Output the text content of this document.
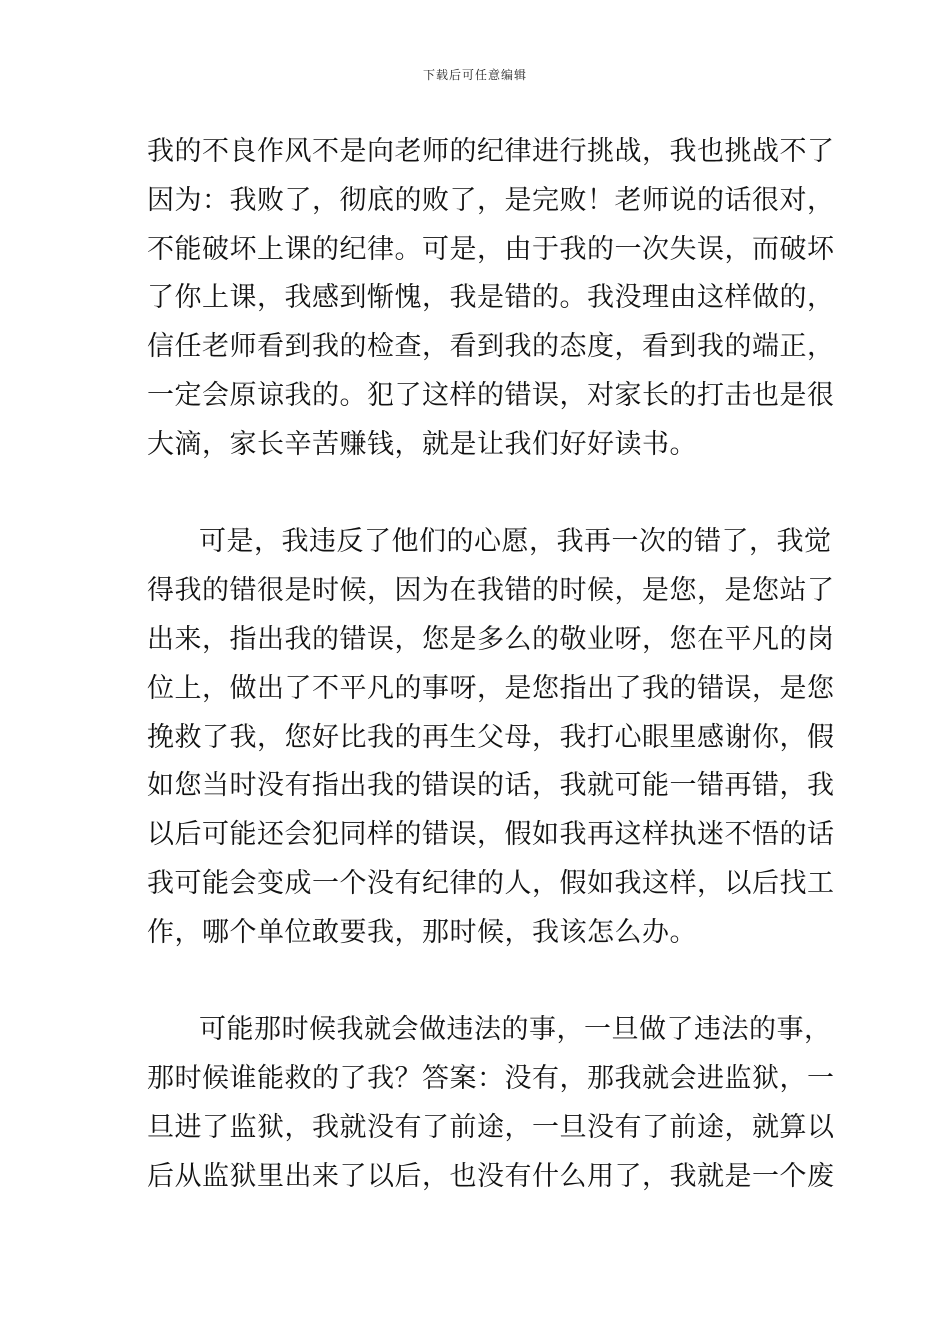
下载后可任意编辑
我的不良作风不是向老师的纪律进行挑战，我也挑战不了
因为：我败了，彻底的败了，是完败！老师说的话很对，
不能破坏上课的纪律。可是，由于我的一次失误，而破坏
了你上课，我感到惭愧，我是错的。我没理由这样做的，
信任老师看到我的检查，看到我的态度，看到我的端正，
一定会原谅我的。犯了这样的错误，对家长的打击也是很
大滴，家长辛苦赚钱，就是让我们好好读书。
可是，我违反了他们的心愿，我再一次的错了，我觉
得我的错很是时候，因为在我错的时候，是您，是您站了
出来，指出我的错误，您是多么的敬业呀，您在平凡的岗
位上，做出了不平凡的事呀，是您指出了我的错误，是您
挽救了我，您好比我的再生父母，我打心眼里感谢你，假
如您当时没有指出我的错误的话，我就可能一错再错，我
以后可能还会犯同样的错误，假如我再这样执迷不悟的话
我可能会变成一个没有纪律的人，假如我这样，以后找工
作，哪个单位敢要我，那时候，我该怎么办。
可能那时候我就会做违法的事，一旦做了违法的事，
那时候谁能救的了我？答案：没有，那我就会进监狱，一
旦进了监狱，我就没有了前途，一旦没有了前途，就算以
后从监狱里出来了以后，也没有什么用了，我就是一个废
